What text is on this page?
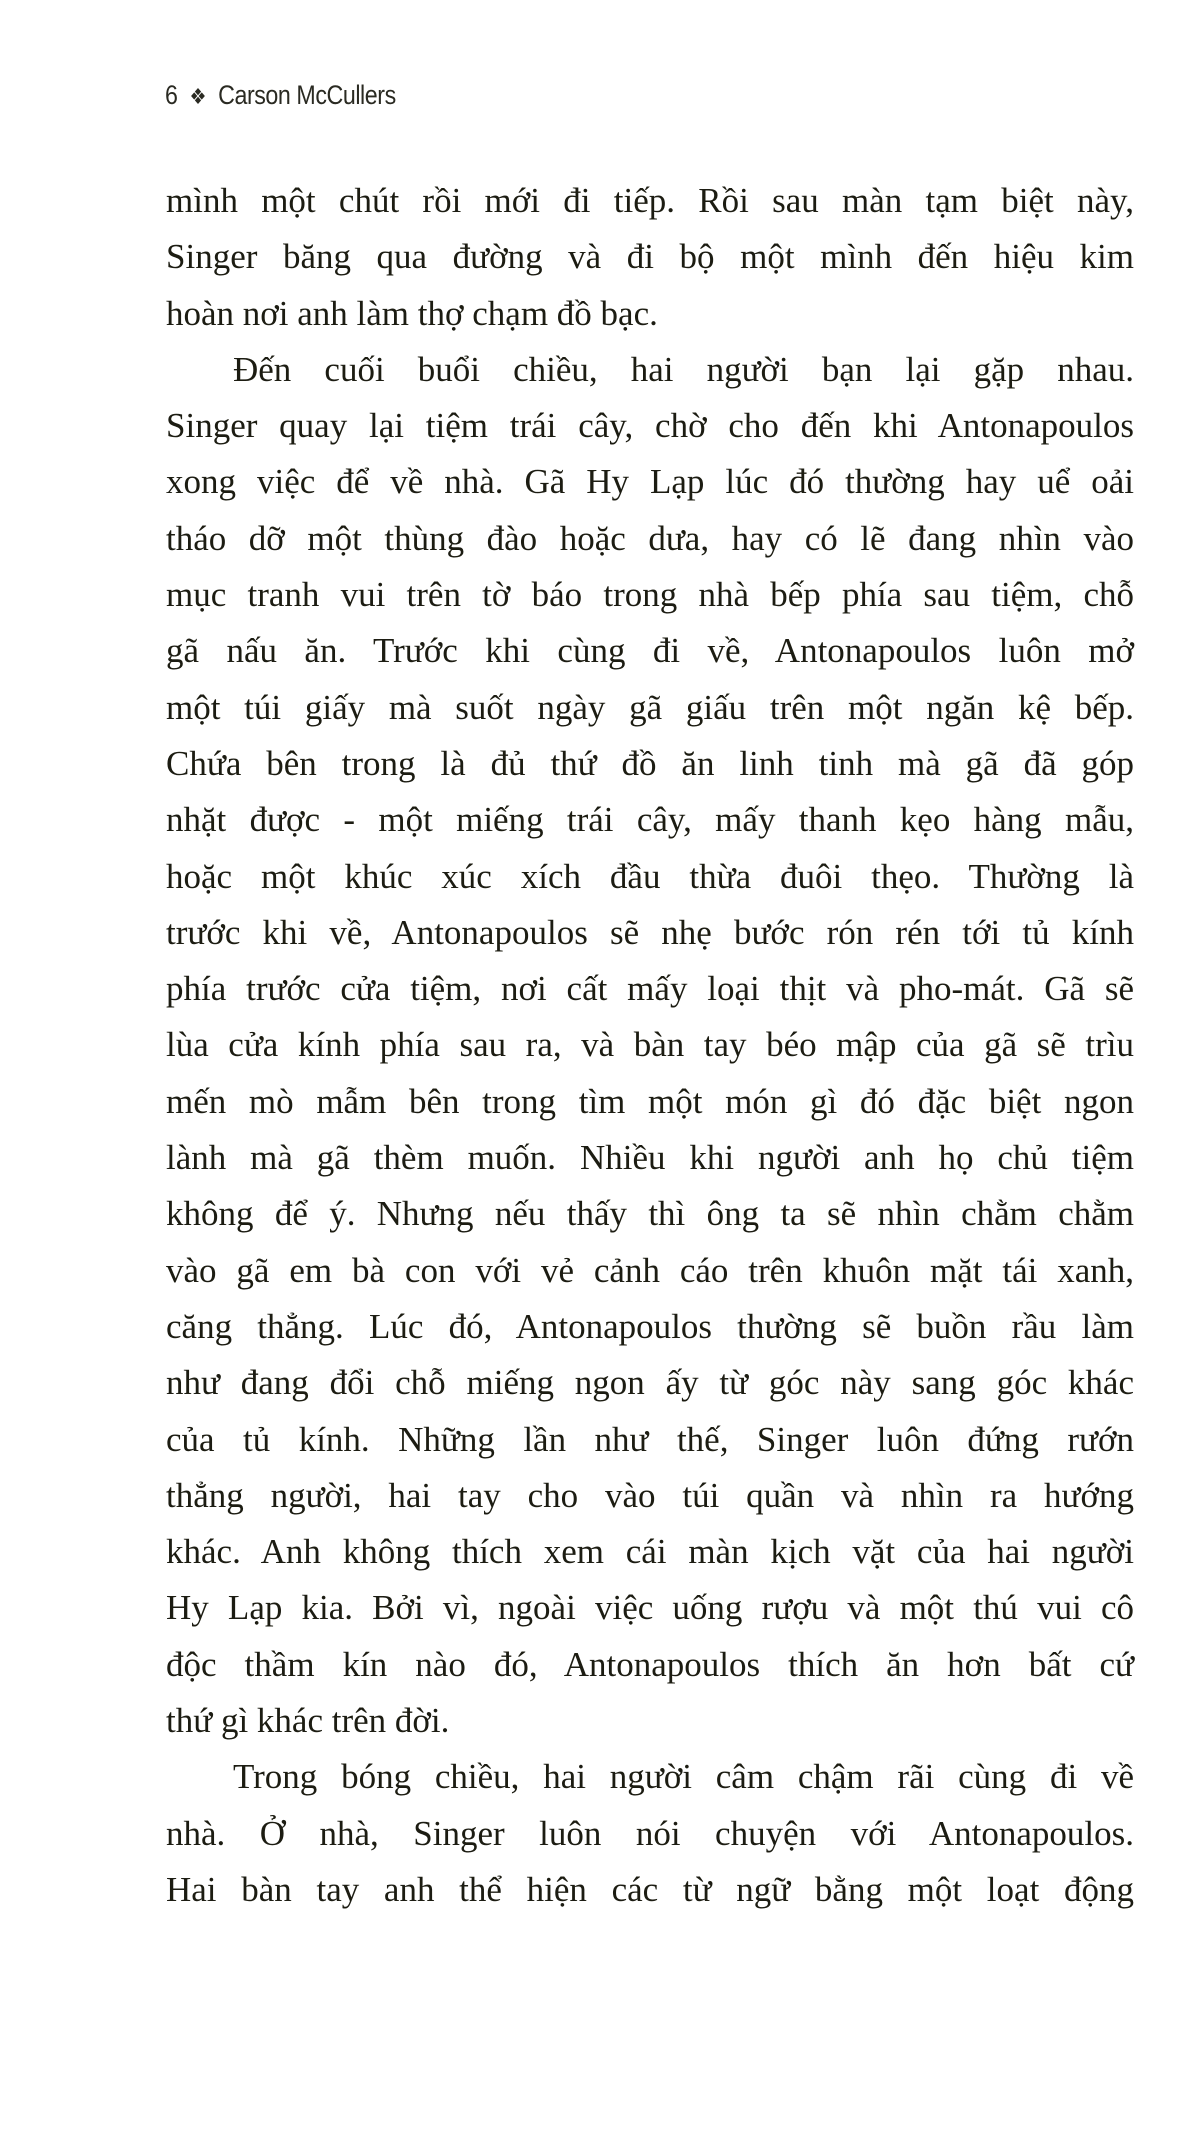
6 ❖ Carson McCullers
mình một chút rồi mới đi tiếp. Rồi sau màn tạm biệt này,
Singer băng qua đường và đi bộ một mình đến hiệu kim
hoàn nơi anh làm thợ chạm đồ bạc.
Đến cuối buổi chiều, hai người bạn lại gặp nhau.
Singer quay lại tiệm trái cây, chờ cho đến khi Antonapoulos
xong việc để về nhà. Gã Hy Lạp lúc đó thường hay uể oải
tháo dỡ một thùng đào hoặc dưa, hay có lẽ đang nhìn vào
mục tranh vui trên tờ báo trong nhà bếp phía sau tiệm, chỗ
gã nấu ăn. Trước khi cùng đi về, Antonapoulos luôn mở
một túi giấy mà suốt ngày gã giấu trên một ngăn kệ bếp.
Chứa bên trong là đủ thứ đồ ăn linh tinh mà gã đã góp
nhặt được - một miếng trái cây, mấy thanh kẹo hàng mẫu,
hoặc một khúc xúc xích đầu thừa đuôi thẹo. Thường là
trước khi về, Antonapoulos sẽ nhẹ bước rón rén tới tủ kính
phía trước cửa tiệm, nơi cất mấy loại thịt và pho-mát. Gã sẽ
lùa cửa kính phía sau ra, và bàn tay béo mập của gã sẽ trìu
mến mò mẫm bên trong tìm một món gì đó đặc biệt ngon
lành mà gã thèm muốn. Nhiều khi người anh họ chủ tiệm
không để ý. Nhưng nếu thấy thì ông ta sẽ nhìn chằm chằm
vào gã em bà con với vẻ cảnh cáo trên khuôn mặt tái xanh,
căng thẳng. Lúc đó, Antonapoulos thường sẽ buồn rầu làm
như đang đổi chỗ miếng ngon ấy từ góc này sang góc khác
của tủ kính. Những lần như thế, Singer luôn đứng rướn
thẳng người, hai tay cho vào túi quần và nhìn ra hướng
khác. Anh không thích xem cái màn kịch vặt của hai người
Hy Lạp kia. Bởi vì, ngoài việc uống rượu và một thú vui cô
độc thầm kín nào đó, Antonapoulos thích ăn hơn bất cứ
thứ gì khác trên đời.
Trong bóng chiều, hai người câm chậm rãi cùng đi về
nhà. Ở nhà, Singer luôn nói chuyện với Antonapoulos.
Hai bàn tay anh thể hiện các từ ngữ bằng một loạt động
